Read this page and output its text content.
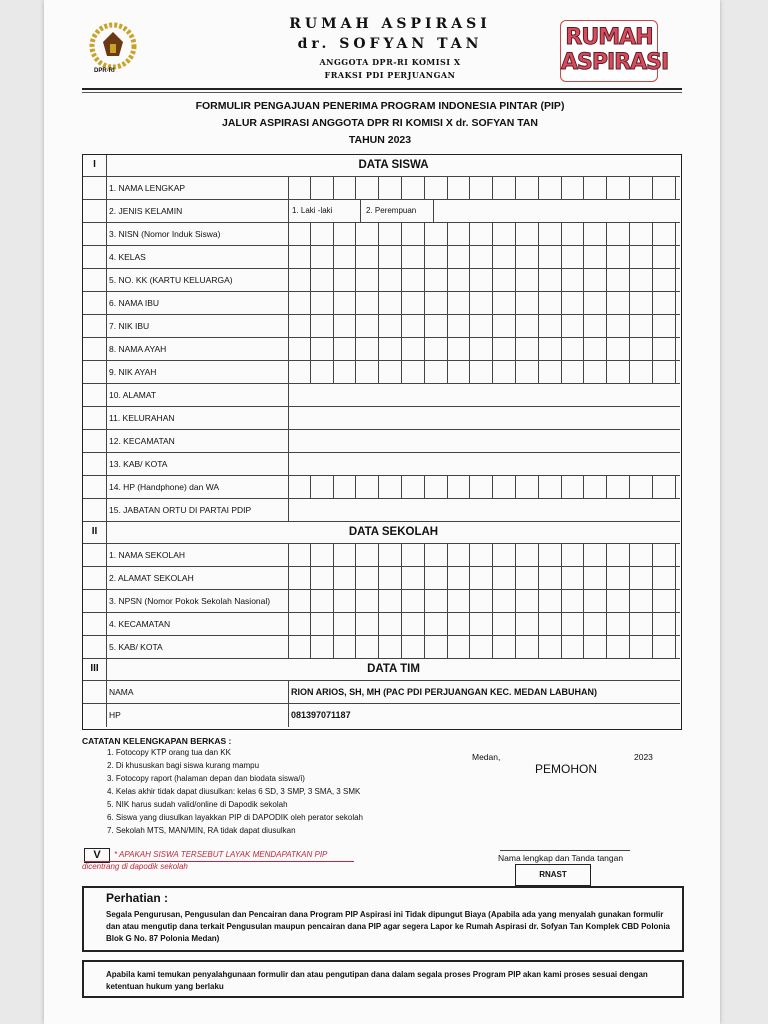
DPR-RI
RUMAH ASPIRASI
dr. SOFYAN TAN
ANGGOTA DPR-RI KOMISI X
FRAKSI PDI PERJUANGAN
RUMAH
ASPIRASI
FORMULIR PENGAJUAN PENERIMA PROGRAM INDONESIA PINTAR (PIP)
JALUR ASPIRASI ANGGOTA DPR RI KOMISI X dr. SOFYAN TAN
TAHUN 2023
I	DATA SISWA
1. NAMA LENGKAP
2. JENIS KELAMIN	1. Laki -laki	2. Perempuan
3. NISN (Nomor Induk Siswa)
4. KELAS
5. NO. KK (KARTU KELUARGA)
6. NAMA IBU
7. NIK IBU
8. NAMA AYAH
9. NIK AYAH
10. ALAMAT
11. KELURAHAN
12. KECAMATAN
13. KAB/ KOTA
14. HP (Handphone) dan WA
15. JABATAN ORTU DI PARTAI PDIP
II	DATA SEKOLAH
1. NAMA SEKOLAH
2. ALAMAT SEKOLAH
3. NPSN (Nomor Pokok Sekolah Nasional)
4. KECAMATAN
5. KAB/ KOTA
III	DATA TIM
NAMA	RION ARIOS, SH, MH (PAC PDI PERJUANGAN KEC. MEDAN LABUHAN)
HP	081397071187
CATATAN KELENGKAPAN BERKAS :
1. Fotocopy KTP orang tua dan KK
2. Di khususkan bagi siswa kurang mampu
3. Fotocopy raport (halaman depan dan biodata siswa/i)
4. Kelas akhir tidak dapat diusulkan: kelas 6 SD, 3 SMP, 3 SMA, 3 SMK
5. NIK harus sudah valid/online di Dapodik sekolah
6. Siswa yang diusulkan layakkan PIP di DAPODIK oleh perator sekolah
7. Sekolah MTS, MAN/MIN, RA tidak dapat diusulkan
Medan,	2023
PEMOHON
Nama lengkap dan Tanda tangan
RNAST
V	* APAKAH SISWA TERSEBUT LAYAK MENDAPATKAN PIP
dicentrang di dapodik sekolah
Perhatian :
Segala Pengurusan, Pengusulan dan Pencairan dana Program PIP Aspirasi ini Tidak dipungut Biaya (Apabila ada yang menyalah gunakan formulir dan atau mengutip dana terkait Pengusulan maupun pencairan dana PIP agar segera Lapor ke Rumah Aspirasi dr. Sofyan Tan Komplek CBD Polonia Blok G No. 87 Polonia Medan)
Apabila kami temukan penyalahgunaan formulir dan atau pengutipan dana dalam segala proses Program PIP akan kami proses sesuai dengan ketentuan hukum yang berlaku
